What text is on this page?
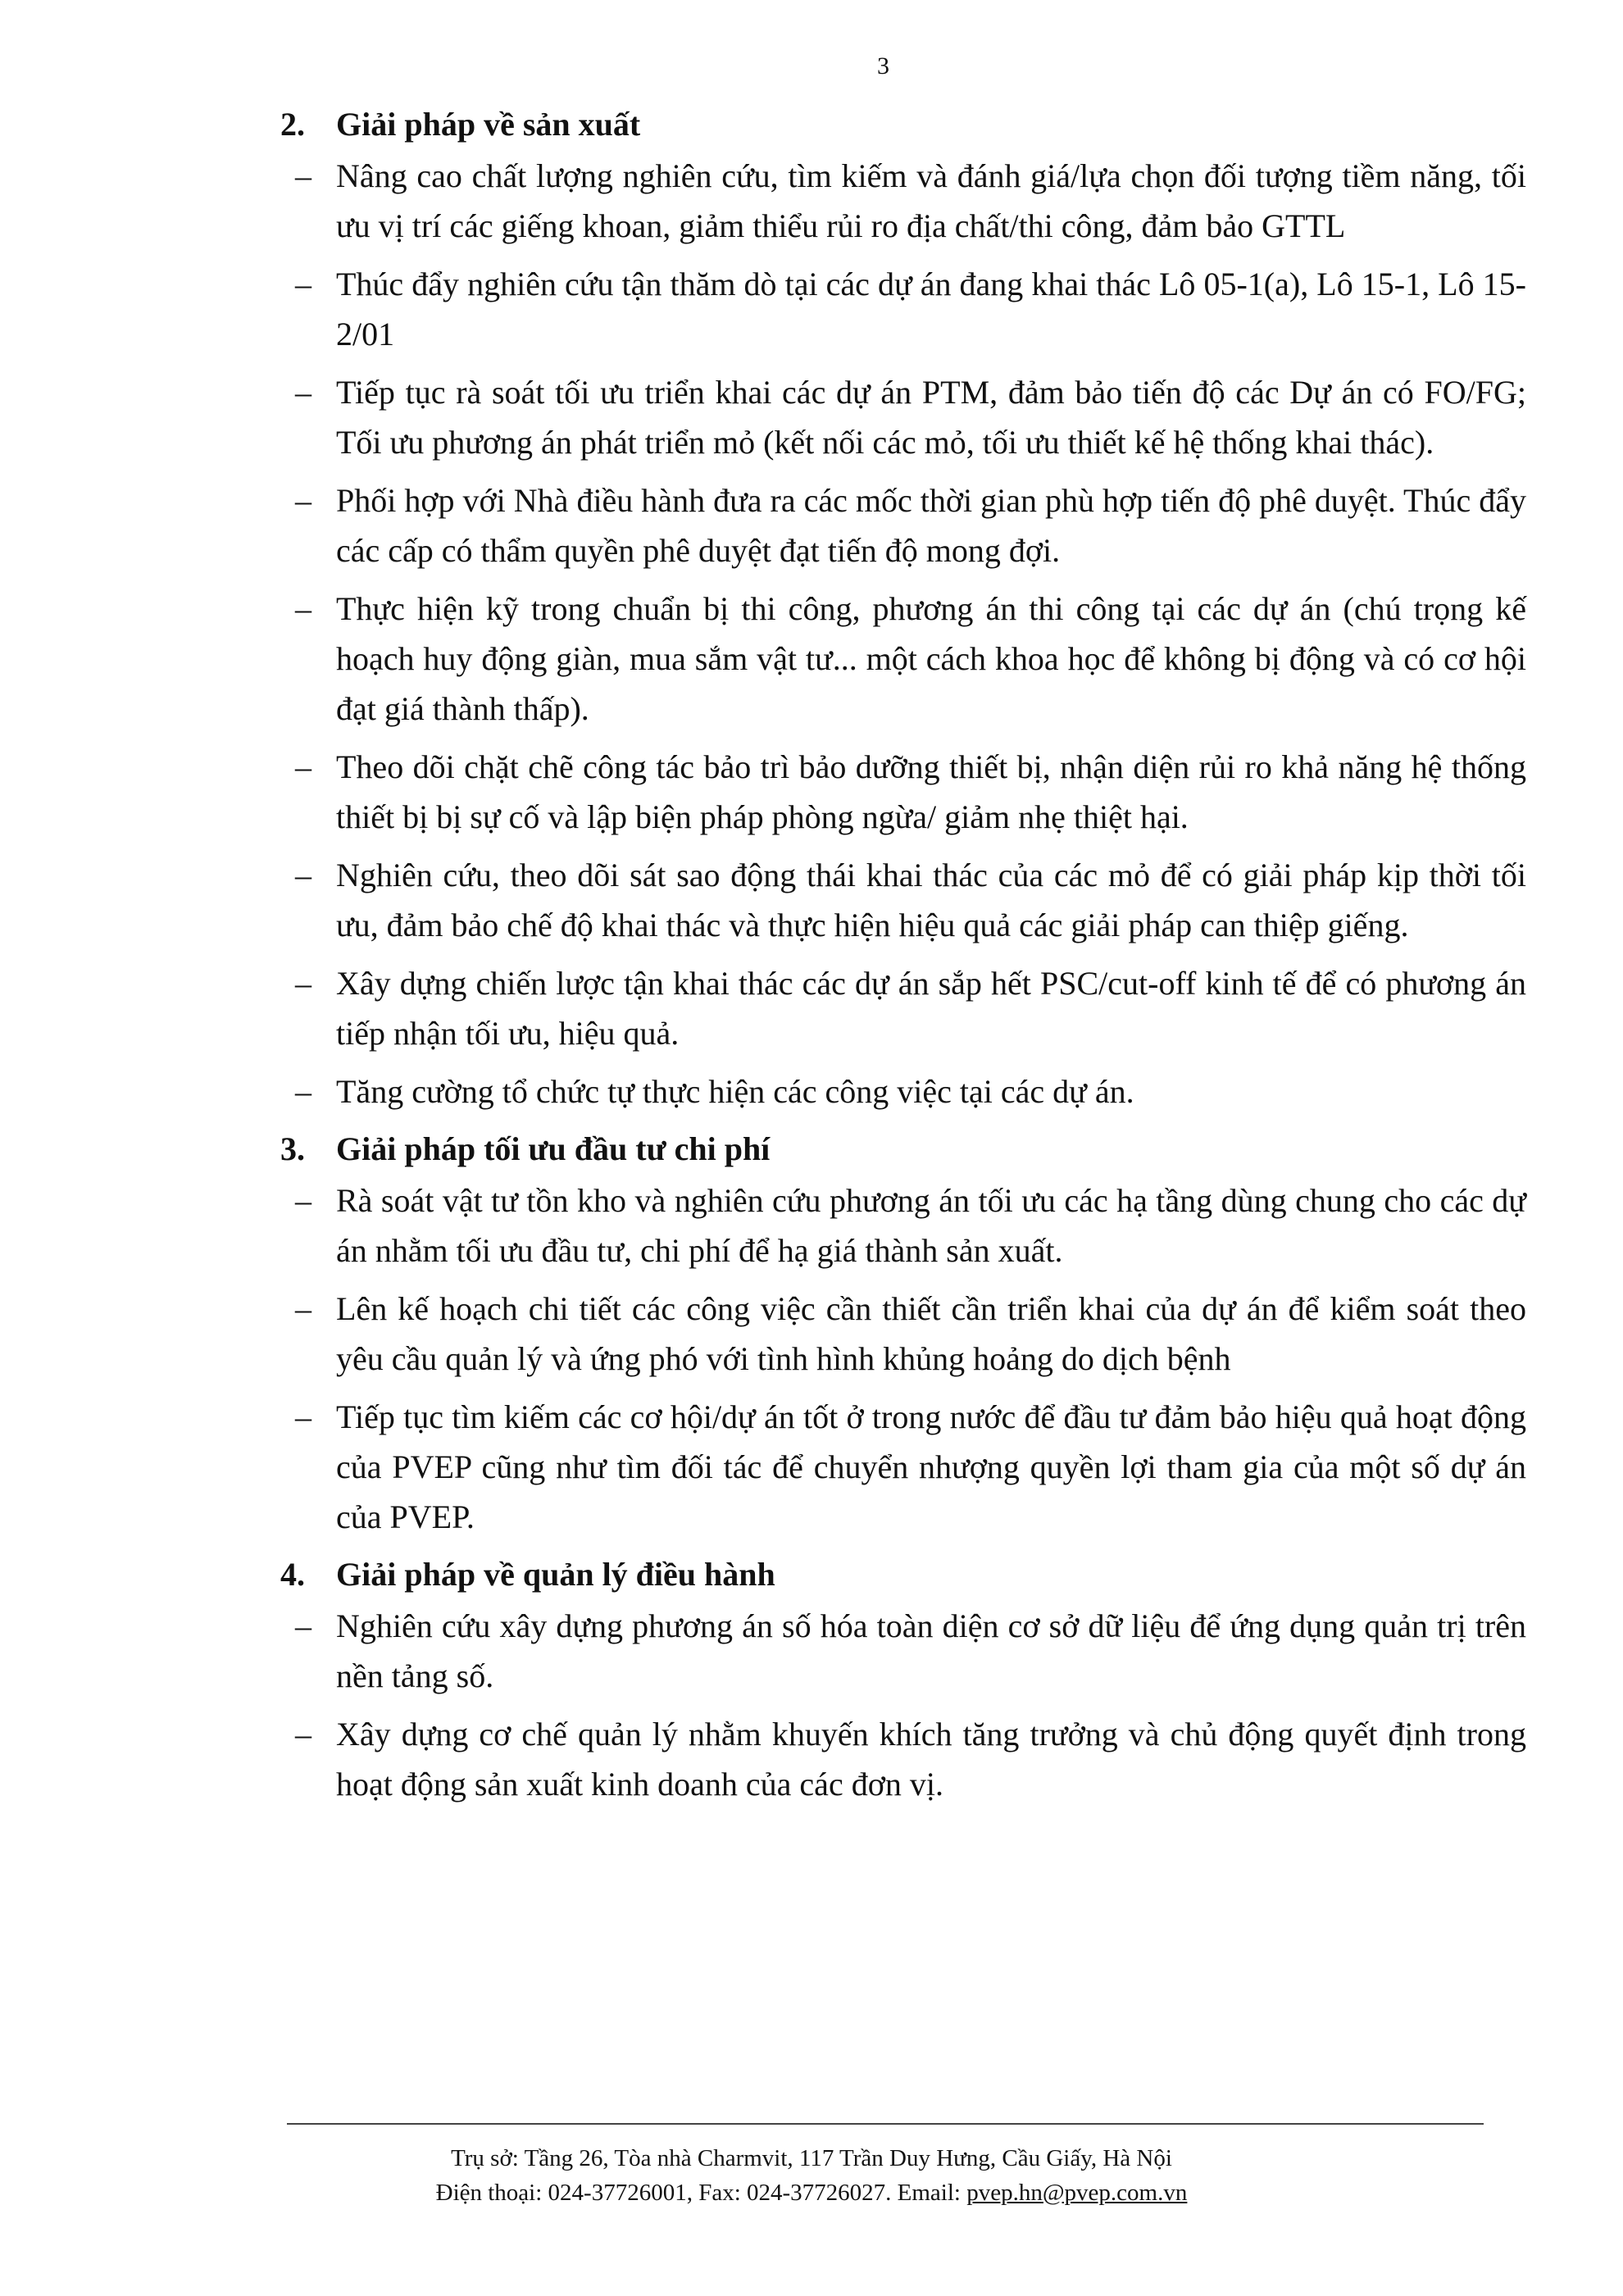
3
2. Giải pháp về sản xuất
– Nâng cao chất lượng nghiên cứu, tìm kiếm và đánh giá/lựa chọn đối tượng tiềm năng, tối ưu vị trí các giếng khoan, giảm thiểu rủi ro địa chất/thi công, đảm bảo GTTL
– Thúc đẩy nghiên cứu tận thăm dò tại các dự án đang khai thác Lô 05-1(a), Lô 15-1, Lô 15-2/01
– Tiếp tục rà soát tối ưu triển khai các dự án PTM, đảm bảo tiến độ các Dự án có FO/FG; Tối ưu phương án phát triển mỏ (kết nối các mỏ, tối ưu thiết kế hệ thống khai thác).
– Phối hợp với Nhà điều hành đưa ra các mốc thời gian phù hợp tiến độ phê duyệt. Thúc đẩy các cấp có thẩm quyền phê duyệt đạt tiến độ mong đợi.
– Thực hiện kỹ trong chuẩn bị thi công, phương án thi công tại các dự án (chú trọng kế hoạch huy động giàn, mua sắm vật tư... một cách khoa học để không bị động và có cơ hội đạt giá thành thấp).
– Theo dõi chặt chẽ công tác bảo trì bảo dưỡng thiết bị, nhận diện rủi ro khả năng hệ thống thiết bị bị sự cố và lập biện pháp phòng ngừa/ giảm nhẹ thiệt hại.
– Nghiên cứu, theo dõi sát sao động thái khai thác của các mỏ để có giải pháp kịp thời tối ưu, đảm bảo chế độ khai thác và thực hiện hiệu quả các giải pháp can thiệp giếng.
– Xây dựng chiến lược tận khai thác các dự án sắp hết PSC/cut-off kinh tế để có phương án tiếp nhận tối ưu, hiệu quả.
– Tăng cường tổ chức tự thực hiện các công việc tại các dự án.
3. Giải pháp tối ưu đầu tư chi phí
– Rà soát vật tư tồn kho và nghiên cứu phương án tối ưu các hạ tầng dùng chung cho các dự án nhằm tối ưu đầu tư, chi phí để hạ giá thành sản xuất.
– Lên kế hoạch chi tiết các công việc cần thiết cần triển khai của dự án để kiểm soát theo yêu cầu quản lý và ứng phó với tình hình khủng hoảng do dịch bệnh
– Tiếp tục tìm kiếm các cơ hội/dự án tốt ở trong nước để đầu tư đảm bảo hiệu quả hoạt động của PVEP cũng như tìm đối tác để chuyển nhượng quyền lợi tham gia của một số dự án của PVEP.
4. Giải pháp về quản lý điều hành
– Nghiên cứu xây dựng phương án số hóa toàn diện cơ sở dữ liệu để ứng dụng quản trị trên nền tảng số.
– Xây dựng cơ chế quản lý nhằm khuyến khích tăng trưởng và chủ động quyết định trong hoạt động sản xuất kinh doanh của các đơn vị.
Trụ sở: Tầng 26, Tòa nhà Charmvit, 117 Trần Duy Hưng, Cầu Giấy, Hà Nội
Điện thoại: 024-37726001, Fax: 024-37726027. Email: pvep.hn@pvep.com.vn
